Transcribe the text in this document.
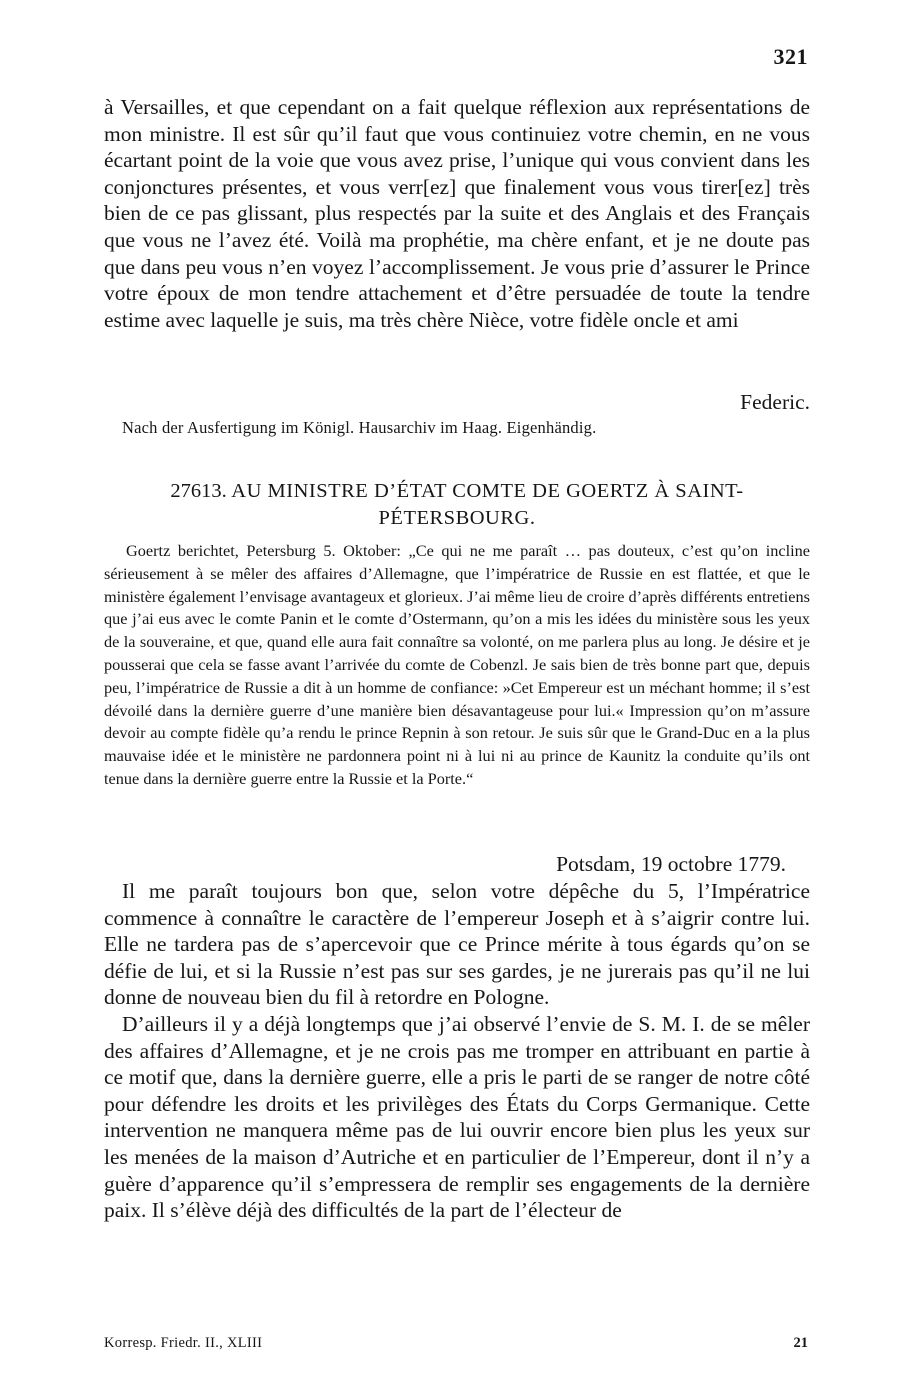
321

à Versailles, et que cependant on a fait quelque réflexion aux représentations de mon ministre. Il est sûr qu’il faut que vous continuiez votre chemin, en ne vous écartant point de la voie que vous avez prise, l’unique qui vous convient dans les conjonctures présentes, et vous verr[ez] que finalement vous vous tirer[ez] très bien de ce pas glissant, plus respectés par la suite et des Anglais et des Français que vous ne l’avez été. Voilà ma prophétie, ma chère enfant, et je ne doute pas que dans peu vous n’en voyez l’accomplissement. Je vous prie d’assurer le Prince votre époux de mon tendre attachement et d’être persuadée de toute la tendre estime avec laquelle je suis, ma très chère Nièce, votre fidèle oncle et ami

Federic.
Nach der Ausfertigung im Königl. Hausarchiv im Haag. Eigenhändig.
27613. AU MINISTRE D’ÉTAT COMTE DE GOERTZ À SAINT-PÉTERSBOURG.
Goertz berichtet, Petersburg 5. Oktober: „Ce qui ne me paraît … pas douteux, c’est qu’on incline sérieusement à se mêler des affaires d’Allemagne, que l’impératrice de Russie en est flattée, et que le ministère également l’envisage avantageux et glorieux. J’ai même lieu de croire d’après différents entretiens que j’ai eus avec le comte Panin et le comte d’Ostermann, qu’on a mis les idées du ministère sous les yeux de la souveraine, et que, quand elle aura fait connaître sa volonté, on me parlera plus au long. Je désire et je pousserai que cela se fasse avant l’arrivée du comte de Cobenzl. Je sais bien de très bonne part que, depuis peu, l’impératrice de Russie a dit à un homme de confiance: »Cet Empereur est un méchant homme; il s’est dévoilé dans la dernière guerre d’une manière bien désavantageuse pour lui.« Impression qu’on m’assure devoir au compte fidèle qu’a rendu le prince Repnin à son retour. Je suis sûr que le Grand-Duc en a la plus mauvaise idée et le ministère ne pardonnera point ni à lui ni au prince de Kaunitz la conduite qu’ils ont tenue dans la dernière guerre entre la Russie et la Porte.“
Potsdam, 19 octobre 1779.

Il me paraît toujours bon que, selon votre dépêche du 5, l’Impératrice commence à connaître le caractère de l’empereur Joseph et à s’aigrir contre lui. Elle ne tardera pas de s’apercevoir que ce Prince mérite à tous égards qu’on se défie de lui, et si la Russie n’est pas sur ses gardes, je ne jurerais pas qu’il ne lui donne de nouveau bien du fil à retordre en Pologne.

D’ailleurs il y a déjà longtemps que j’ai observé l’envie de S. M. I. de se mêler des affaires d’Allemagne, et je ne crois pas me tromper en attribuant en partie à ce motif que, dans la dernière guerre, elle a pris le parti de se ranger de notre côté pour défendre les droits et les privilèges des États du Corps Germanique. Cette intervention ne manquera même pas de lui ouvrir encore bien plus les yeux sur les menées de la maison d’Autriche et en particulier de l’Empereur, dont il n’y a guère d’apparence qu’il s’empressera de remplir ses engagements de la dernière paix. Il s’élève déjà des difficultés de la part de l’électeur de

Korresp. Friedr. II., XLIII	21
